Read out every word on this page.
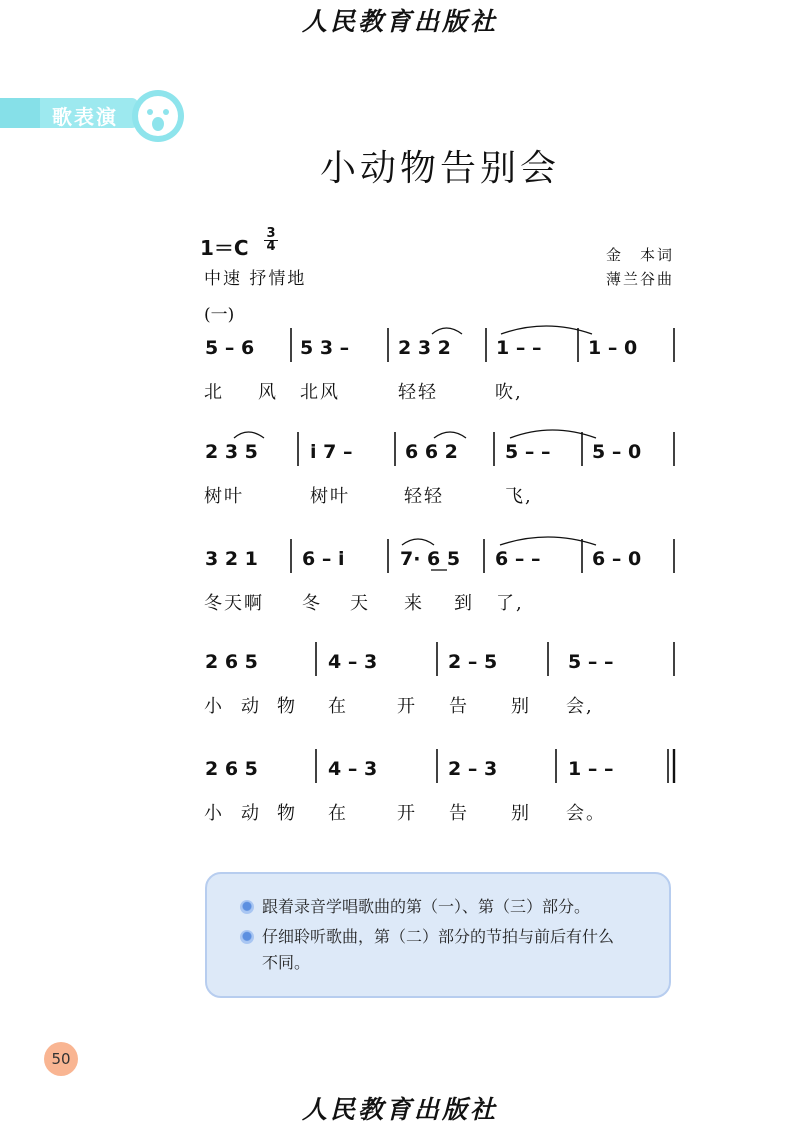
人民教育出版社
歌表演
小动物告别会
1＝C
3
4
中速 抒情地
金　本词
薄兰谷曲
(一)
5 – 6 5 3 –	2 3 2 1 – – 1 – 0
2 3 5	i 7 –	6 6 2 5 – – 5 – 0
3 2 1 6 – i	7· 6 5 6 – –	6 – 0
2 6 5	4 – 3	2 – 5	5 – –
2 6 5	4 – 3	2 – 3	1 – –
北 风 北风	轻轻	吹,
树叶	树叶	轻轻	飞,
冬天啊 冬 天 来 到 了,
小 动 物 在	开 告 别 会,
小 动 物 在	开 告 别 会。
跟着录音学唱歌曲的第（一）、第（三）部分。
仔细聆听歌曲，第（二）部分的节拍与前后有什么
不同。
50
人民教育出版社
